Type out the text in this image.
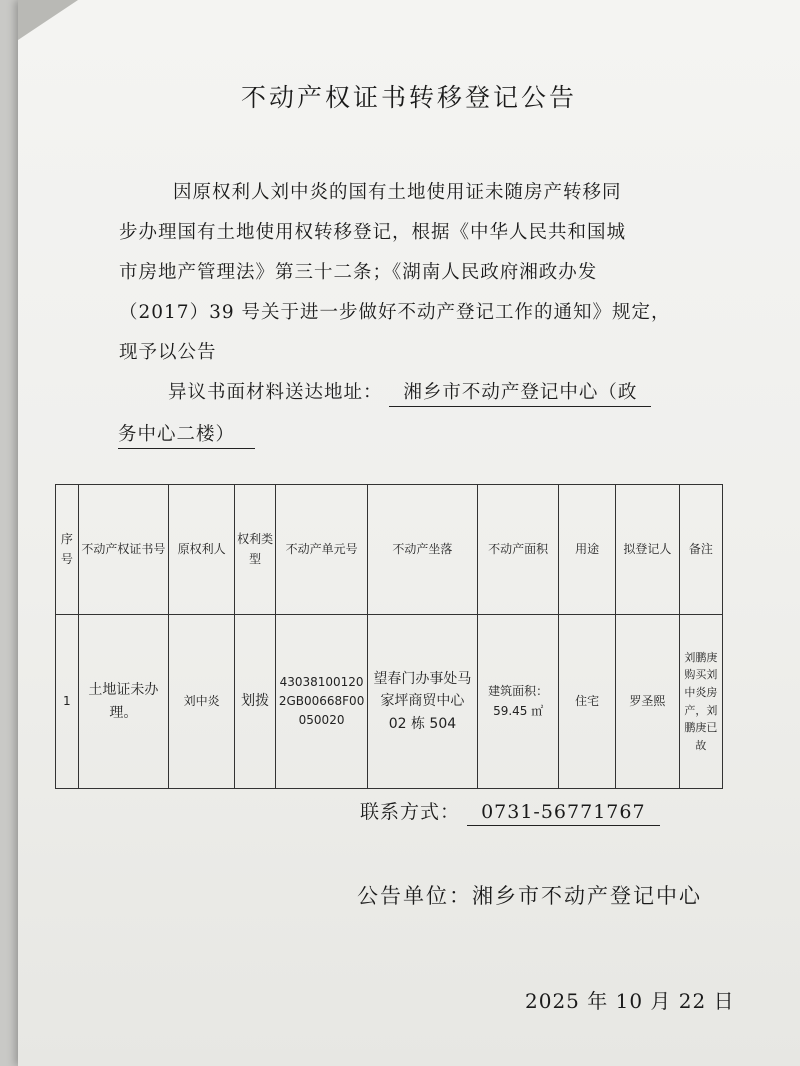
不动产权证书转移登记公告
因原权利人刘中炎的国有土地使用证未随房产转移同
步办理国有土地使用权转移登记，根据《中华人民共和国城
市房地产管理法》第三十二条；《湖南人民政府湘政办发
（2017）39 号关于进一步做好不动产登记工作的通知》规定，
现予以公告
异议书面材料送达地址： 湘乡市不动产登记中心（政
务中心二楼）
序号	不动产权证书号	原权利人	权利类型	不动产单元号	不动产坐落	不动产面积	用途	拟登记人	备注
1	土地证未办理。	刘中炎	划拨	430381001202GB00668F00050020	望春门办事处马家坪商贸中心 02 栋 504	建筑面积：59.45 ㎡	住宅	罗圣熙	刘鹏庚购买刘中炎房产，刘鹏庚已故
联系方式： 0731-56771767
公告单位：湘乡市不动产登记中心
2025 年 10 月 22 日
